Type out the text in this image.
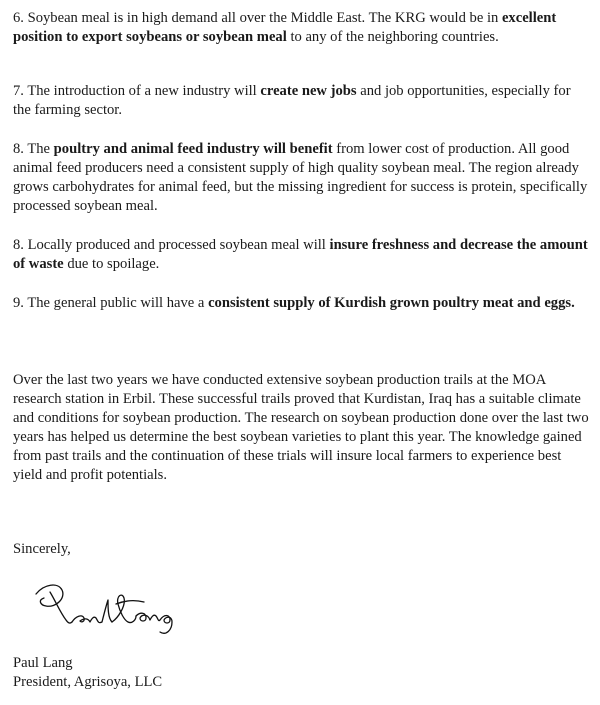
6. Soybean meal is in high demand all over the Middle East. The KRG would be in excellent position to export soybeans or soybean meal to any of the neighboring countries.

7. The introduction of a new industry will create new jobs and job opportunities, especially for the farming sector.

8. The poultry and animal feed industry will benefit from lower cost of production. All good animal feed producers need a consistent supply of high quality soybean meal. The region already grows carbohydrates for animal feed, but the missing ingredient for success is protein, specifically processed soybean meal.

8. Locally produced and processed soybean meal will insure freshness and decrease the amount of waste due to spoilage.

9. The general public will have a consistent supply of Kurdish grown poultry meat and eggs.

Over the last two years we have conducted extensive soybean production trails at the MOA research station in Erbil. These successful trails proved that Kurdistan, Iraq has a suitable climate and conditions for soybean production. The research on soybean production done over the last two years has helped us determine the best soybean varieties to plant this year. The knowledge gained from past trails and the continuation of these trials will insure local farmers to experience best yield and profit potentials.

Sincerely,

Paul Lang

President, Agrisoya, LLC
